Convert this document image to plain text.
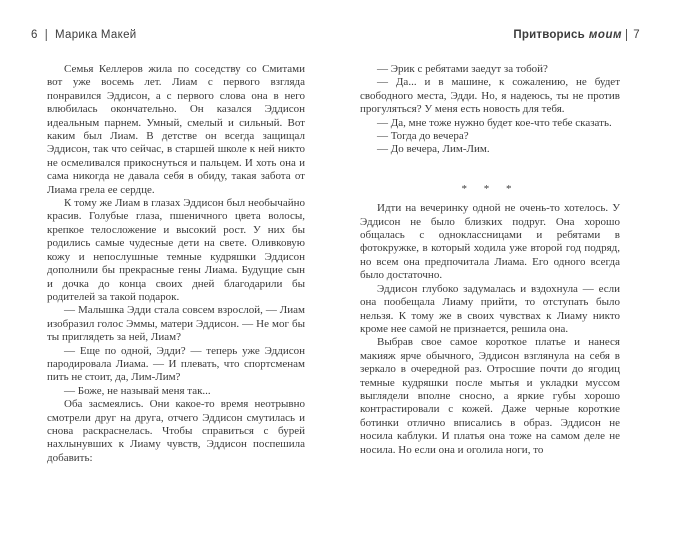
6 | Марика Макей	Притворись моим | 7

Семья Келлеров жила по соседству со Смитами вот уже восемь лет. Лиам с первого взгляда понравился Эддисон, а с первого слова она в него влюбилась окончательно. Он казался Эддисон идеальным парнем. Умный, смелый и сильный. Вот каким был Лиам. В детстве он всегда защищал Эддисон, так что сейчас, в старшей школе к ней никто не осмеливался прикоснуться и пальцем. И хоть она и сама никогда не давала себя в обиду, такая забота от Лиама грела ее сердце.

К тому же Лиам в глазах Эддисон был необычайно красив. Голубые глаза, пшеничного цвета волосы, крепкое телосложение и высокий рост. У них бы родились самые чудесные дети на свете. Оливковую кожу и непослушные темные кудряшки Эддисон дополнили бы прекрасные гены Лиама. Будущие сын и дочка до конца своих дней благодарили бы родителей за такой подарок.

— Малышка Эдди стала совсем взрослой, — Лиам изобразил голос Эммы, матери Эддисон. — Не мог бы ты приглядеть за ней, Лиам?

— Еще по одной, Эдди? — теперь уже Эддисон пародировала Лиама. — И плевать, что спортсменам пить не стоит, да, Лим-Лим?

— Боже, не называй меня так...

Оба засмеялись. Они какое-то время неотрывно смотрели друг на друга, отчего Эддисон смутилась и снова раскраснелась. Чтобы справиться с бурей нахлынувших к Лиаму чувств, Эддисон поспешила добавить:

— Эрик с ребятами заедут за тобой?

— Да... и в машине, к сожалению, не будет свободного места, Эдди. Но, я надеюсь, ты не против прогуляться? У меня есть новость для тебя.

— Да, мне тоже нужно будет кое-что тебе сказать.

— Тогда до вечера?

— До вечера, Лим-Лим.

* * *

Идти на вечеринку одной не очень-то хотелось. У Эддисон не было близких подруг. Она хорошо общалась с одноклассницами и ребятами в фотокружке, в который ходила уже второй год подряд, но всем она предпочитала Лиама. Его одного всегда было достаточно.

Эддисон глубоко задумалась и вздохнула — если она пообещала Лиаму прийти, то отступать было нельзя. К тому же в своих чувствах к Лиаму никто кроме нее самой не признается, решила она.

Выбрав свое самое короткое платье и нанеся макияж ярче обычного, Эддисон взглянула на себя в зеркало в очередной раз. Отросшие почти до ягодиц темные кудряшки после мытья и укладки муссом выглядели вполне сносно, а яркие губы хорошо контрастировали с кожей. Даже черные короткие ботинки отлично вписались в образ. Эддисон не носила каблуки. И платья она тоже на самом деле не носила. Но если она и оголила ноги, то
